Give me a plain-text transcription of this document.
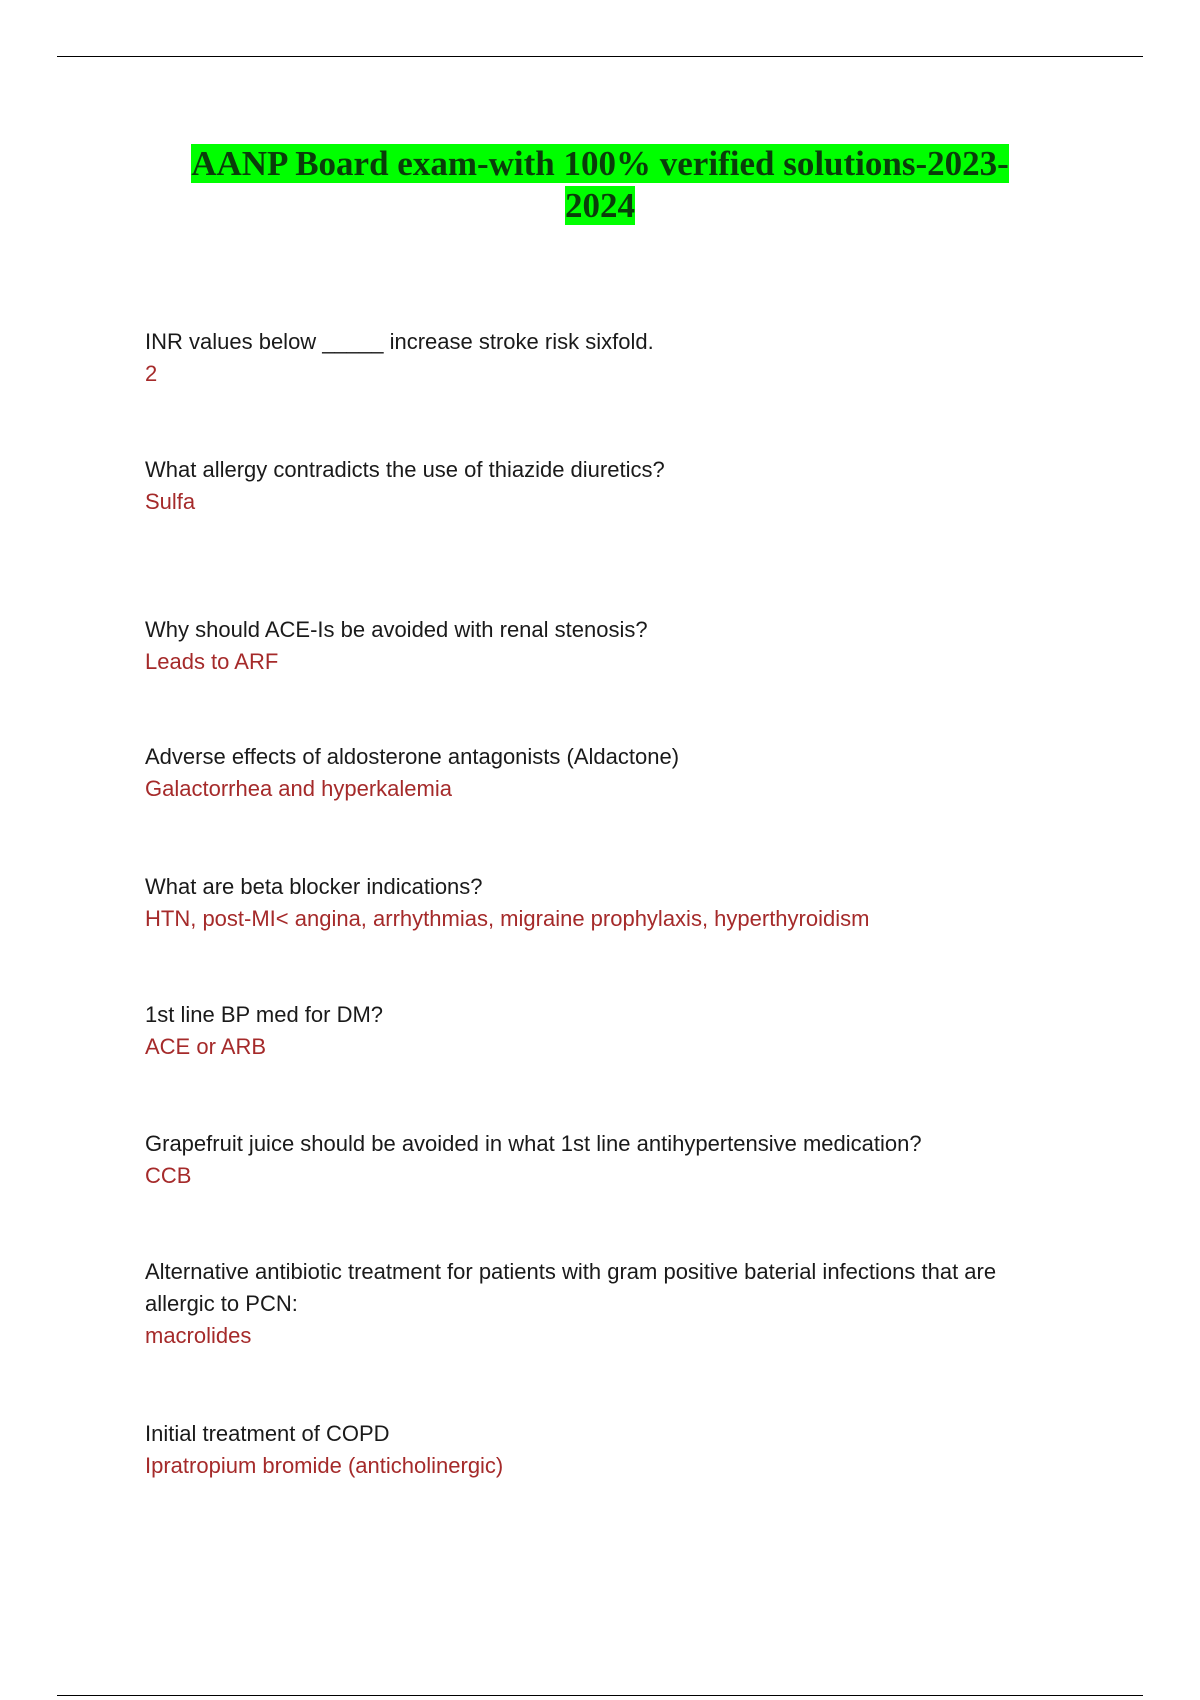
AANP Board exam-with 100% verified solutions-2023-2024
INR values below _____ increase stroke risk sixfold.
2
What allergy contradicts the use of thiazide diuretics?
Sulfa
Why should ACE-Is be avoided with renal stenosis?
Leads to ARF
Adverse effects of aldosterone antagonists (Aldactone)
Galactorrhea and hyperkalemia
What are beta blocker indications?
HTN, post-MI< angina, arrhythmias, migraine prophylaxis, hyperthyroidism
1st line BP med for DM?
ACE or ARB
Grapefruit juice should be avoided in what 1st line antihypertensive medication?
CCB
Alternative antibiotic treatment for patients with gram positive baterial infections that are allergic to PCN:
macrolides
Initial treatment of COPD
Ipratropium bromide (anticholinergic)
